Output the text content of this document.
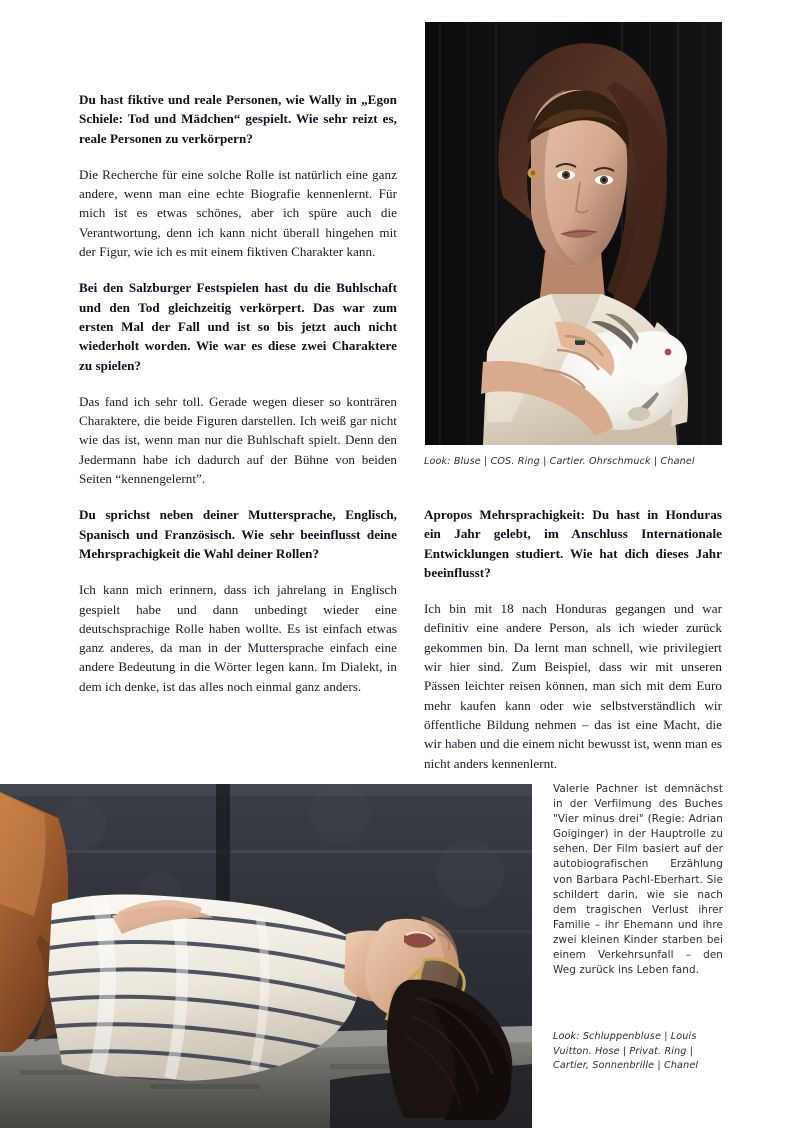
Look: Bluse | COS. Ring | Cartier. Ohrschmuck | Chanel

Du hast fiktive und reale Personen, wie Wally in „Egon Schiele: Tod und Mädchen“ gespielt. Wie sehr reizt es, reale Personen zu verkörpern?

Die Recherche für eine solche Rolle ist natürlich eine ganz andere, wenn man eine echte Biografie kennenlernt. Für mich ist es etwas schönes, aber ich spüre auch die Verantwortung, denn ich kann nicht überall hingehen mit der Figur, wie ich es mit einem fiktiven Charakter kann.

Bei den Salzburger Festspielen hast du die Buhlschaft und den Tod gleichzeitig verkörpert. Das war zum ersten Mal der Fall und ist so bis jetzt auch nicht wiederholt worden. Wie war es diese zwei Charaktere zu spielen?

Das fand ich sehr toll. Gerade wegen dieser so konträren Charaktere, die beide Figuren darstellen. Ich weiß gar nicht wie das ist, wenn man nur die Buhlschaft spielt. Denn den Jedermann habe ich dadurch auf der Bühne von beiden Seiten “kennengelernt”.

Du sprichst neben deiner Muttersprache, Englisch, Spanisch und Französisch. Wie sehr beeinflusst deine Mehrsprachigkeit die Wahl deiner Rollen?

Ich kann mich erinnern, dass ich jahrelang in Englisch gespielt habe und dann unbedingt wieder eine deutschsprachige Rolle haben wollte. Es ist einfach etwas ganz anderes, da man in der Muttersprache einfach eine andere Bedeutung in die Wörter legen kann. Im Dialekt, in dem ich denke, ist das alles noch einmal ganz anders.

Apropos Mehrsprachigkeit: Du hast in Honduras ein Jahr gelebt, im Anschluss Internationale Entwicklungen studiert. Wie hat dich dieses Jahr beeinflusst?

Ich bin mit 18 nach Honduras gegangen und war definitiv eine andere Person, als ich wieder zurück gekommen bin. Da lernt man schnell, wie privilegiert wir hier sind. Zum Beispiel, dass wir mit unseren Pässen leichter reisen können, man sich mit dem Euro mehr kaufen kann oder wie selbstverständlich wir öffentliche Bildung nehmen – das ist eine Macht, die wir haben und die einem nicht bewusst ist, wenn man es nicht anders kennenlernt.

Valerie Pachner ist demnächst in der Verfilmung des Buches "Vier minus drei" (Regie: Adrian Goiginger) in der Hauptrolle zu sehen. Der Film basiert auf der autobiografischen Erzählung von Barbara Pachl-Eberhart. Sie schildert darin, wie sie nach dem tragischen Verlust ihrer Familie – ihr Ehemann und ihre zwei kleinen Kinder starben bei einem Verkehrsunfall – den Weg zurück ins Leben fand.

Look: Schluppenbluse | Louis Vuitton. Hose | Privat. Ring | Cartier, Sonnenbrille | Chanel
